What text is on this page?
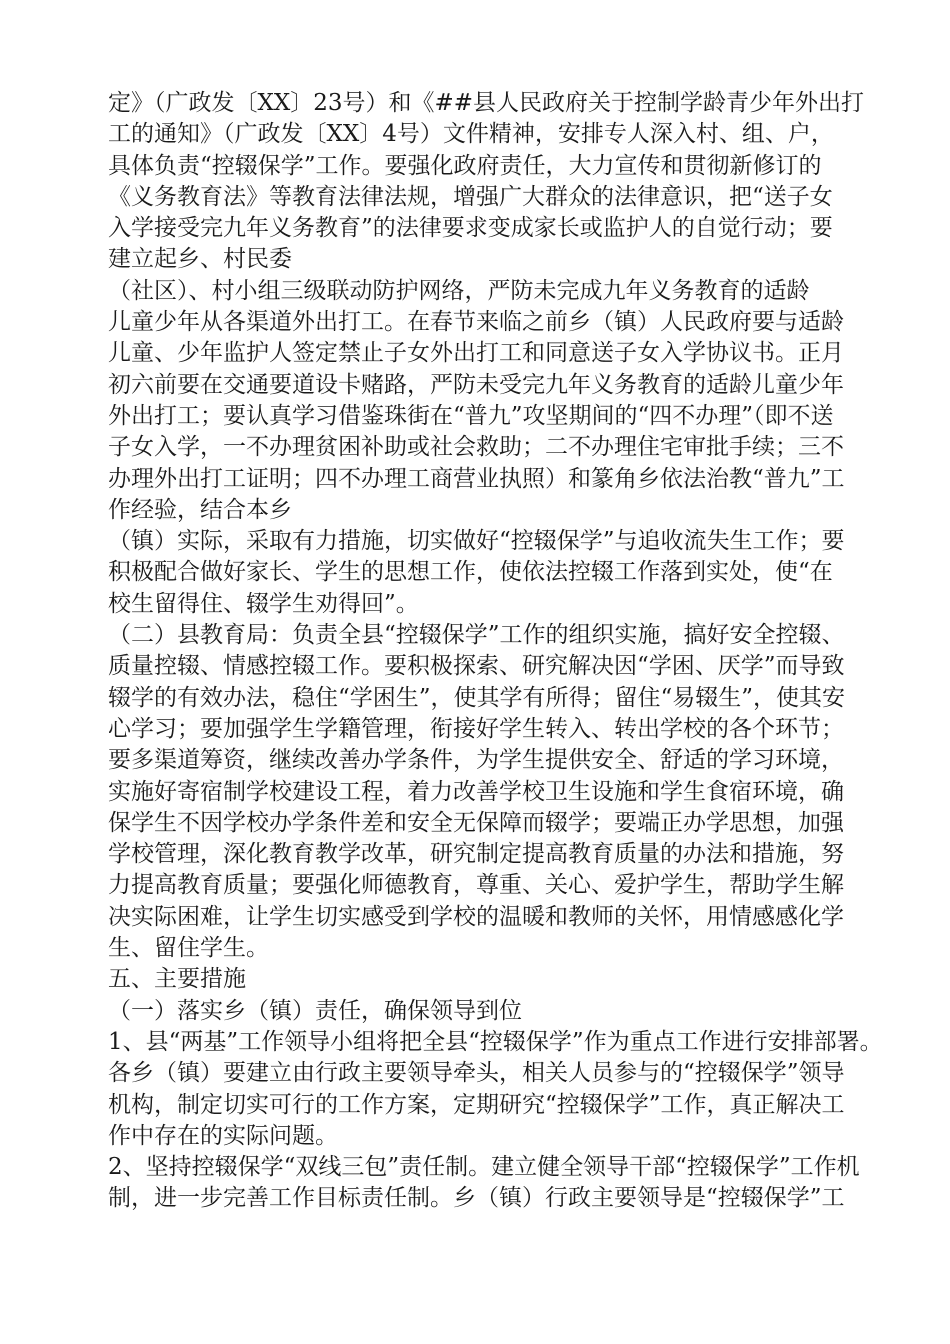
定》（广政发〔XX〕23号）和《##县人民政府关于控制学龄青少年外出打
工的通知》（广政发〔XX〕4号）文件精神，安排专人深入村、组、户，
具体负责“控辍保学”工作。要强化政府责任，大力宣传和贯彻新修订的
《义务教育法》等教育法律法规，增强广大群众的法律意识，把“送子女
入学接受完九年义务教育”的法律要求变成家长或监护人的自觉行动；要
建立起乡、村民委
（社区）、村小组三级联动防护网络，严防未完成九年义务教育的适龄
儿童少年从各渠道外出打工。在春节来临之前乡（镇）人民政府要与适龄
儿童、少年监护人签定禁止子女外出打工和同意送子女入学协议书。正月
初六前要在交通要道设卡赌路，严防未受完九年义务教育的适龄儿童少年
外出打工；要认真学习借鉴珠街在“普九”攻坚期间的“四不办理”（即不送
子女入学，一不办理贫困补助或社会救助；二不办理住宅审批手续；三不
办理外出打工证明；四不办理工商营业执照）和篆角乡依法治教“普九”工
作经验，结合本乡
（镇）实际，采取有力措施，切实做好“控辍保学”与追收流失生工作；要
积极配合做好家长、学生的思想工作，使依法控辍工作落到实处，使“在
校生留得住、辍学生劝得回”。
（二）县教育局：负责全县“控辍保学”工作的组织实施，搞好安全控辍、
质量控辍、情感控辍工作。要积极探索、研究解决因“学困、厌学”而导致
辍学的有效办法，稳住“学困生”，使其学有所得；留住“易辍生”，使其安
心学习；要加强学生学籍管理，衔接好学生转入、转出学校的各个环节；
要多渠道筹资，继续改善办学条件，为学生提供安全、舒适的学习环境，
实施好寄宿制学校建设工程，着力改善学校卫生设施和学生食宿环境，确
保学生不因学校办学条件差和安全无保障而辍学；要端正办学思想，加强
学校管理，深化教育教学改革，研究制定提高教育质量的办法和措施，努
力提高教育质量；要强化师德教育，尊重、关心、爱护学生，帮助学生解
决实际困难，让学生切实感受到学校的温暖和教师的关怀，用情感感化学
生、留住学生。
五、主要措施
（一）落实乡（镇）责任，确保领导到位
1、县“两基”工作领导小组将把全县“控辍保学”作为重点工作进行安排部署。
各乡（镇）要建立由行政主要领导牵头，相关人员参与的“控辍保学”领导
机构，制定切实可行的工作方案，定期研究“控辍保学”工作，真正解决工
作中存在的实际问题。
2、坚持控辍保学“双线三包”责任制。建立健全领导干部“控辍保学”工作机
制，进一步完善工作目标责任制。乡（镇）行政主要领导是“控辍保学”工
